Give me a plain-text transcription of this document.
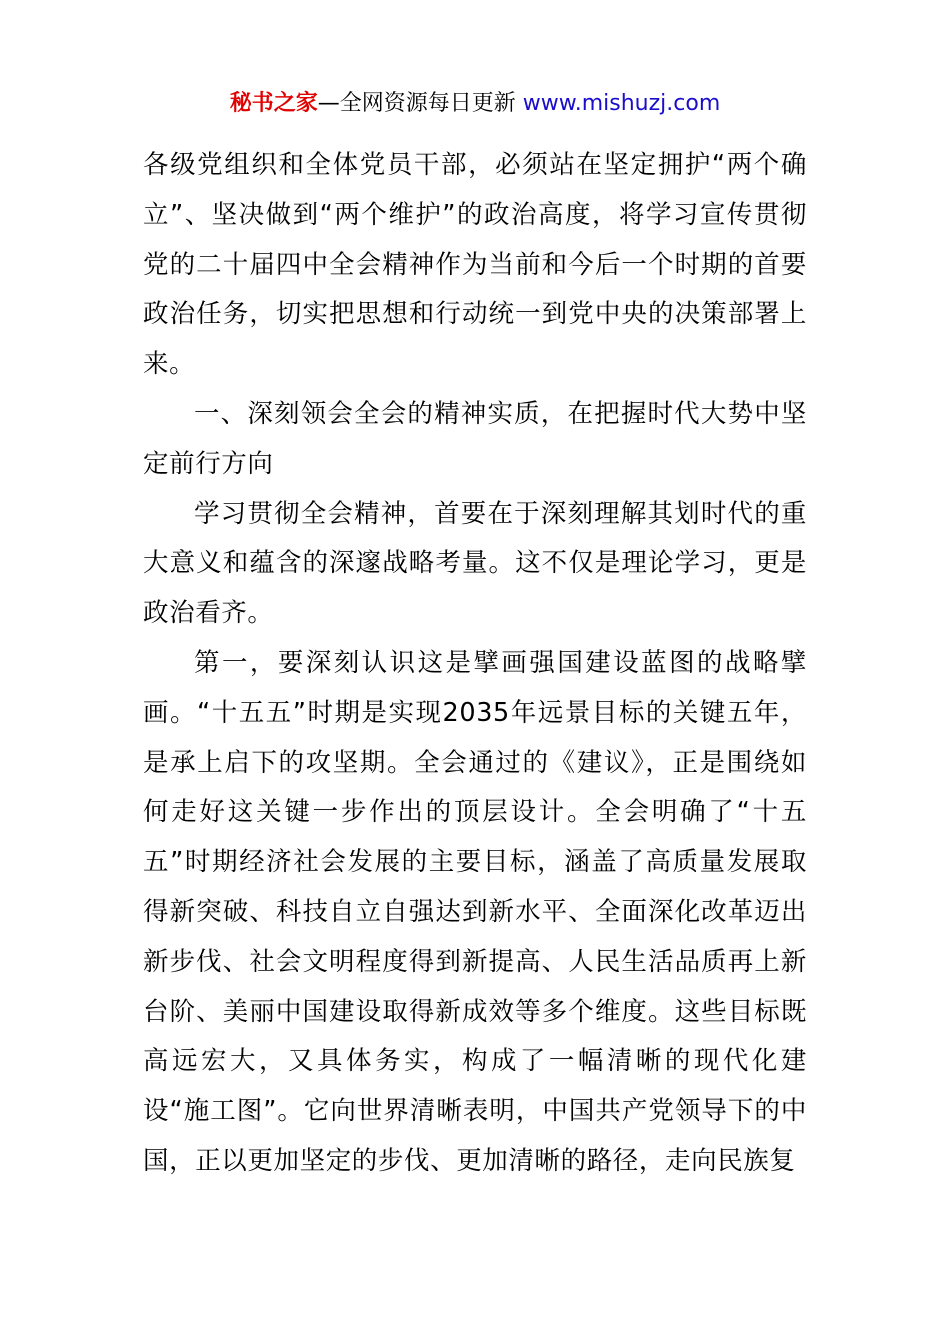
秘书之家—全网资源每日更新 www.mishuzj.com

各级党组织和全体党员干部，必须站在坚定拥护“两个确立”、坚决做到“两个维护”的政治高度，将学习宣传贯彻党的二十届四中全会精神作为当前和今后一个时期的首要政治任务，切实把思想和行动统一到党中央的决策部署上来。

一、深刻领会全会的精神实质，在把握时代大势中坚定前行方向

学习贯彻全会精神，首要在于深刻理解其划时代的重大意义和蕴含的深邃战略考量。这不仅是理论学习，更是政治看齐。

第一，要深刻认识这是擘画强国建设蓝图的战略擘画。“十五五”时期是实现2035年远景目标的关键五年，是承上启下的攻坚期。全会通过的《建议》，正是围绕如何走好这关键一步作出的顶层设计。全会明确了“十五五”时期经济社会发展的主要目标，涵盖了高质量发展取得新突破、科技自立自强达到新水平、全面深化改革迈出新步伐、社会文明程度得到新提高、人民生活品质再上新台阶、美丽中国建设取得新成效等多个维度。这些目标既高远宏大，又具体务实，构成了一幅清晰的现代化建设“施工图”。它向世界清晰表明，中国共产党领导下的中国，正以更加坚定的步伐、更加清晰的路径，走向民族复
